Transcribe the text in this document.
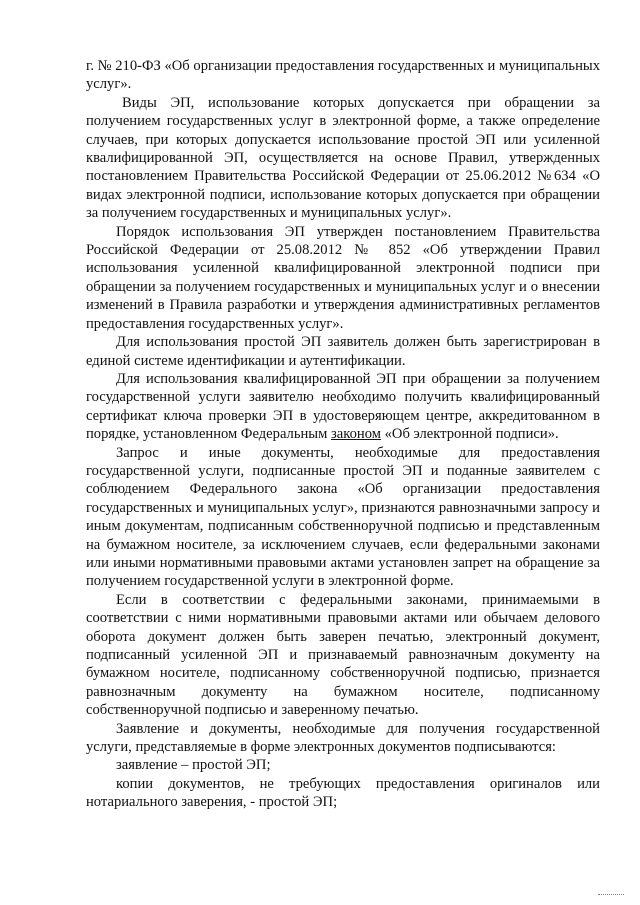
г. № 210-ФЗ «Об организации предоставления государственных и муниципальных услуг».

Виды ЭП, использование которых допускается при обращении за получением государственных услуг в электронной форме, а также определение случаев, при которых допускается использование простой ЭП или усиленной квалифицированной ЭП, осуществляется на основе Правил, утвержденных постановлением Правительства Российской Федерации от 25.06.2012 №634 «О видах электронной подписи, использование которых допускается при обращении за получением государственных и муниципальных услуг».

Порядок использования ЭП утвержден постановлением Правительства Российской Федерации от 25.08.2012 № 852 «Об утверждении Правил использования усиленной квалифицированной электронной подписи при обращении за получением государственных и муниципальных услуг и о внесении изменений в Правила разработки и утверждения административных регламентов предоставления государственных услуг».

Для использования простой ЭП заявитель должен быть зарегистрирован в единой системе идентификации и аутентификации.

Для использования квалифицированной ЭП при обращении за получением государственной услуги заявителю необходимо получить квалифицированный сертификат ключа проверки ЭП в удостоверяющем центре, аккредитованном в порядке, установленном Федеральным законом «Об электронной подписи».

Запрос и иные документы, необходимые для предоставления государственной услуги, подписанные простой ЭП и поданные заявителем с соблюдением Федерального закона «Об организации предоставления государственных и муниципальных услуг», признаются равнозначными запросу и иным документам, подписанным собственноручной подписью и представленным на бумажном носителе, за исключением случаев, если федеральными законами или иными нормативными правовыми актами установлен запрет на обращение за получением государственной услуги в электронной форме.

Если в соответствии с федеральными законами, принимаемыми в соответствии с ними нормативными правовыми актами или обычаем делового оборота документ должен быть заверен печатью, электронный документ, подписанный усиленной ЭП и признаваемый равнозначным документу на бумажном носителе, подписанному собственноручной подписью, признается равнозначным документу на бумажном носителе, подписанному собственноручной подписью и заверенному печатью.

Заявление и документы, необходимые для получения государственной услуги, представляемые в форме электронных документов подписываются:

заявление – простой ЭП;

копии документов, не требующих предоставления оригиналов или нотариального заверения, - простой ЭП;
